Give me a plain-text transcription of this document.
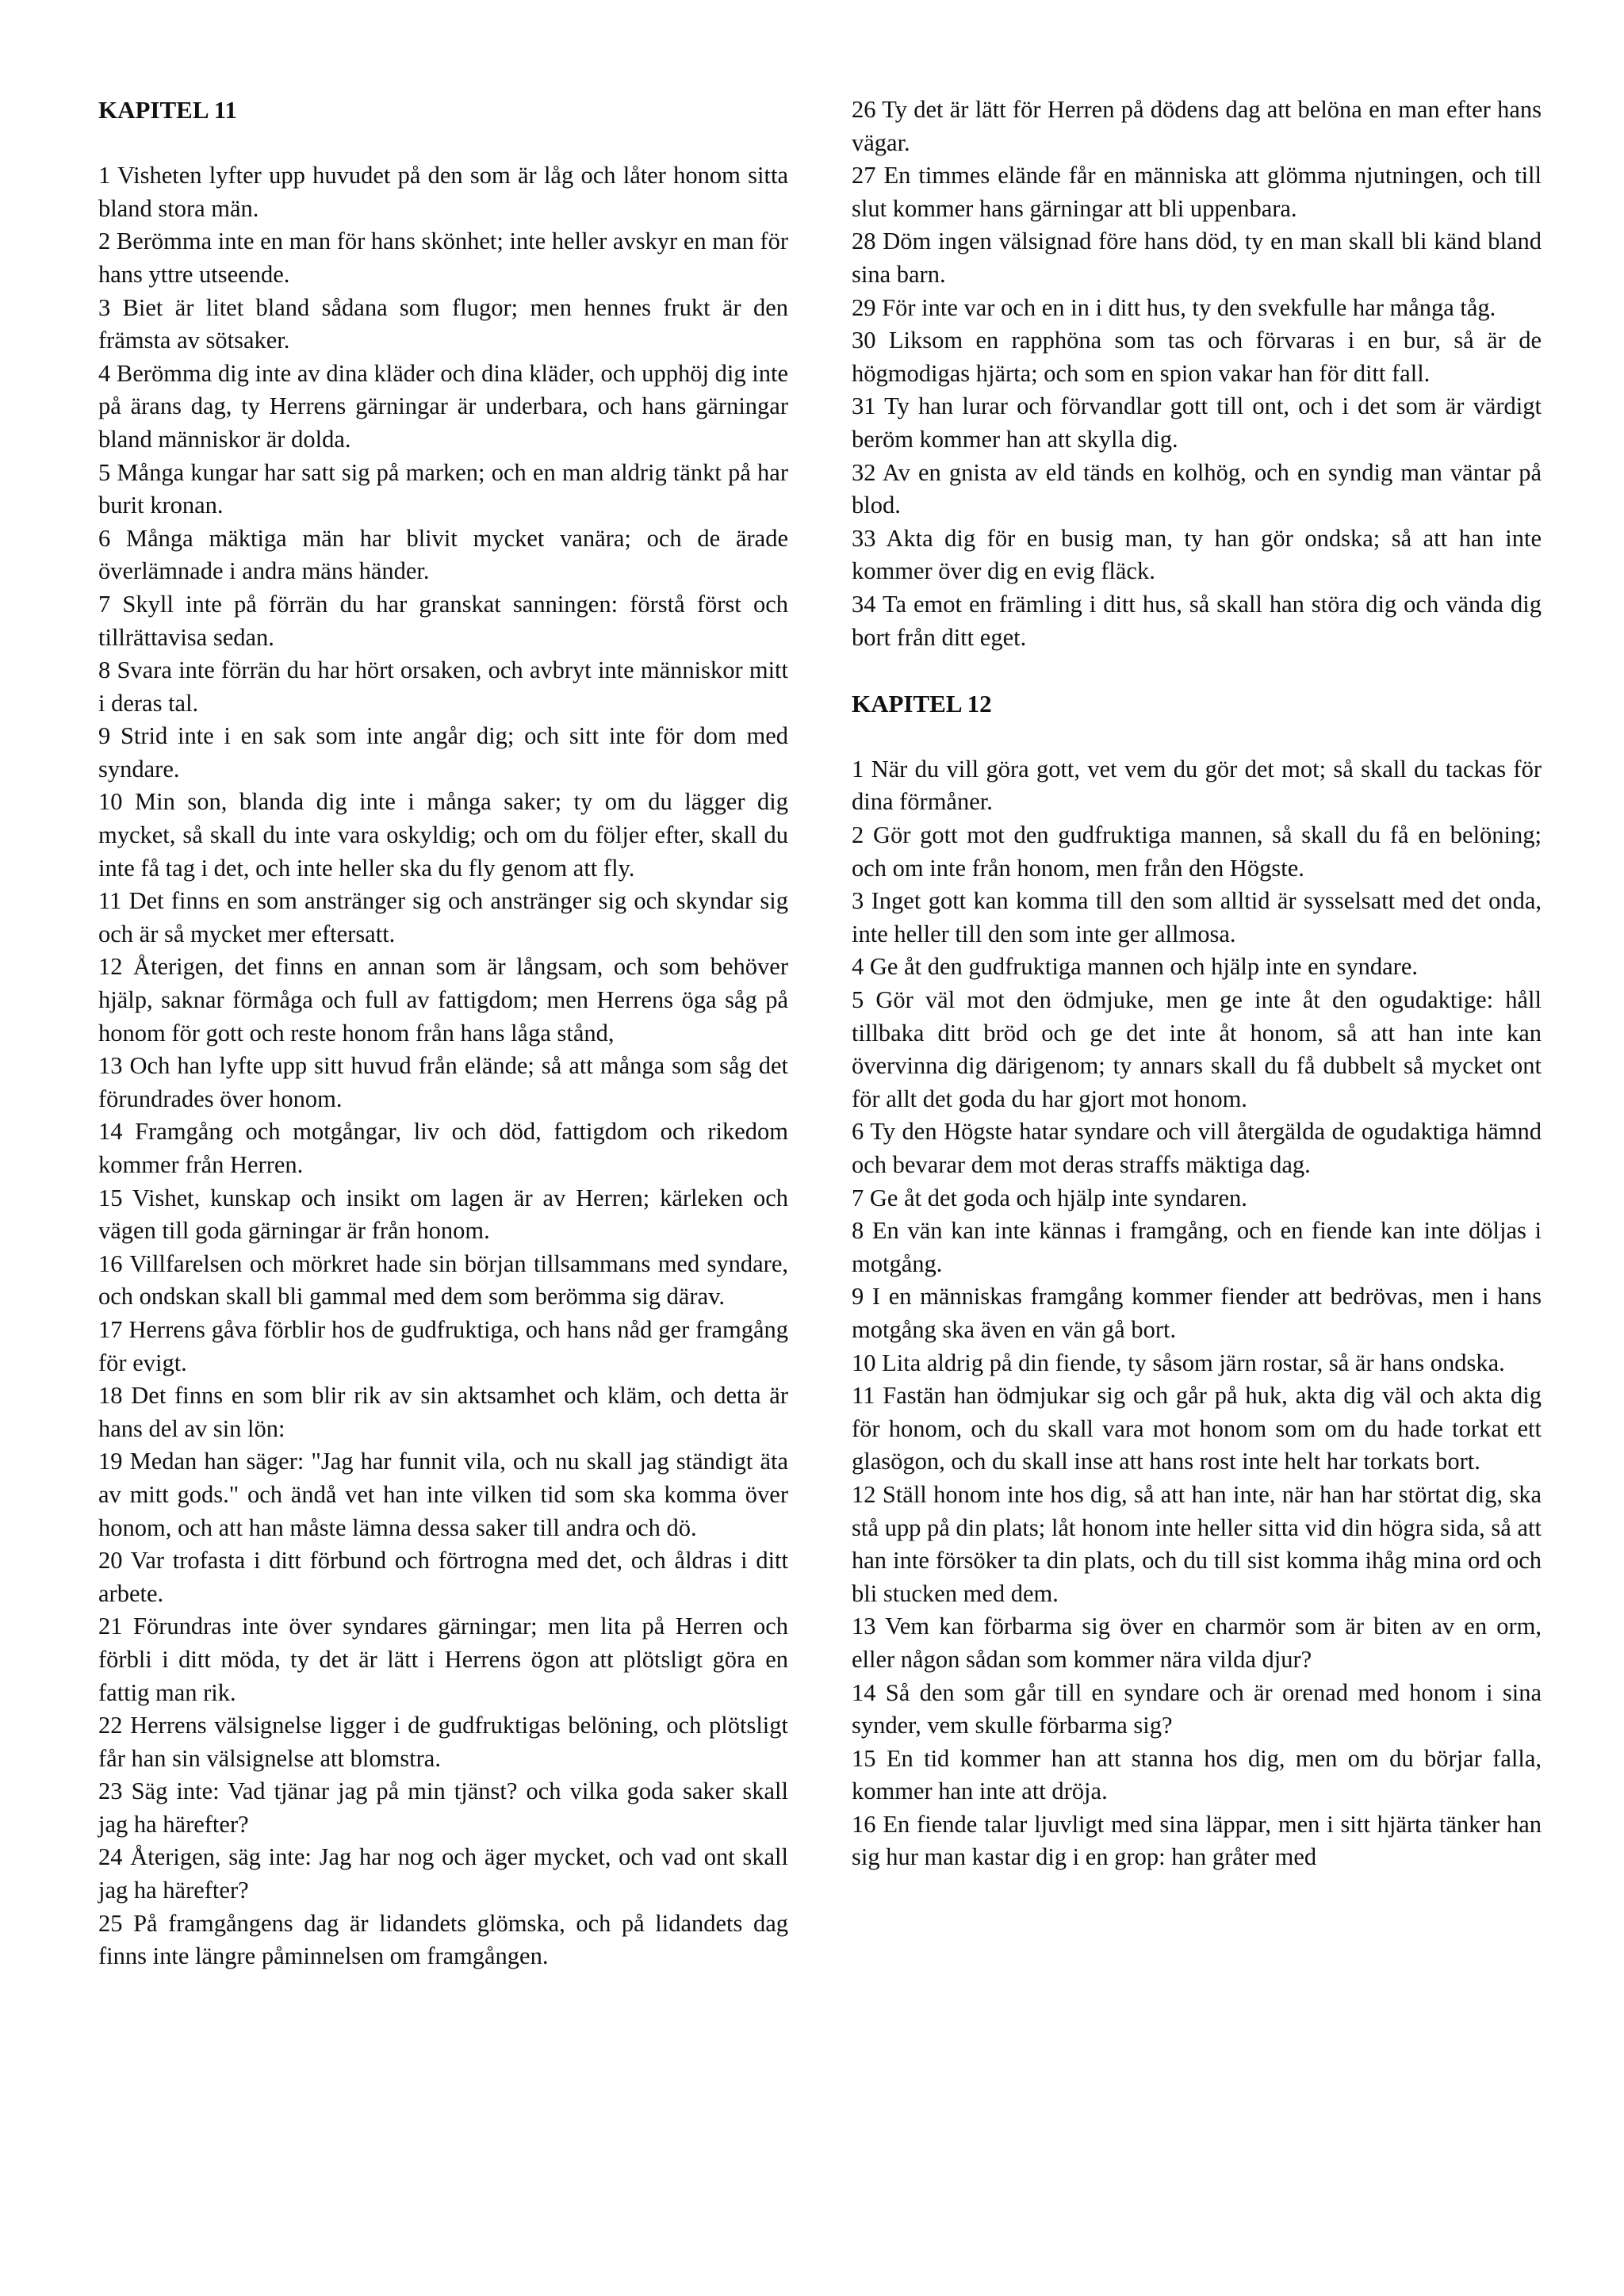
KAPITEL 11

1 Visheten lyfter upp huvudet på den som är låg och låter honom sitta bland stora män.

2 Berömma inte en man för hans skönhet; inte heller avskyr en man för hans yttre utseende.

3 Biet är litet bland sådana som flugor; men hennes frukt är den främsta av sötsaker.

4 Berömma dig inte av dina kläder och dina kläder, och upphöj dig inte på ärans dag, ty Herrens gärningar är underbara, och hans gärningar bland människor är dolda.

5 Många kungar har satt sig på marken; och en man aldrig tänkt på har burit kronan.

6 Många mäktiga män har blivit mycket vanära; och de ärade överlämnade i andra mäns händer.

7 Skyll inte på förrän du har granskat sanningen: förstå först och tillrättavisa sedan.

8 Svara inte förrän du har hört orsaken, och avbryt inte människor mitt i deras tal.

9 Strid inte i en sak som inte angår dig; och sitt inte för dom med syndare.

10 Min son, blanda dig inte i många saker; ty om du lägger dig mycket, så skall du inte vara oskyldig; och om du följer efter, skall du inte få tag i det, och inte heller ska du fly genom att fly.

11 Det finns en som anstränger sig och anstränger sig och skyndar sig och är så mycket mer eftersatt.

12 Återigen, det finns en annan som är långsam, och som behöver hjälp, saknar förmåga och full av fattigdom; men Herrens öga såg på honom för gott och reste honom från hans låga stånd,

13 Och han lyfte upp sitt huvud från elände; så att många som såg det förundrades över honom.

14 Framgång och motgångar, liv och död, fattigdom och rikedom kommer från Herren.

15 Vishet, kunskap och insikt om lagen är av Herren; kärleken och vägen till goda gärningar är från honom.

16 Villfarelsen och mörkret hade sin början tillsammans med syndare, och ondskan skall bli gammal med dem som berömma sig därav.

17 Herrens gåva förblir hos de gudfruktiga, och hans nåd ger framgång för evigt.

18 Det finns en som blir rik av sin aktsamhet och kläm, och detta är hans del av sin lön:

19 Medan han säger: "Jag har funnit vila, och nu skall jag ständigt äta av mitt gods." och ändå vet han inte vilken tid som ska komma över honom, och att han måste lämna dessa saker till andra och dö.

20 Var trofasta i ditt förbund och förtrogna med det, och åldras i ditt arbete.

21 Förundras inte över syndares gärningar; men lita på Herren och förbli i ditt möda, ty det är lätt i Herrens ögon att plötsligt göra en fattig man rik.

22 Herrens välsignelse ligger i de gudfruktigas belöning, och plötsligt får han sin välsignelse att blomstra.

23 Säg inte: Vad tjänar jag på min tjänst? och vilka goda saker skall jag ha härefter?

24 Återigen, säg inte: Jag har nog och äger mycket, och vad ont skall jag ha härefter?

25 På framgångens dag är lidandets glömska, och på lidandets dag finns inte längre påminnelsen om framgången.

26 Ty det är lätt för Herren på dödens dag att belöna en man efter hans vägar.

27 En timmes elände får en människa att glömma njutningen, och till slut kommer hans gärningar att bli uppenbara.

28 Döm ingen välsignad före hans död, ty en man skall bli känd bland sina barn.

29 För inte var och en in i ditt hus, ty den svekfulle har många tåg.

30 Liksom en rapphöna som tas och förvaras i en bur, så är de högmodigas hjärta; och som en spion vakar han för ditt fall.

31 Ty han lurar och förvandlar gott till ont, och i det som är värdigt beröm kommer han att skylla dig.

32 Av en gnista av eld tänds en kolhög, och en syndig man väntar på blod.

33 Akta dig för en busig man, ty han gör ondska; så att han inte kommer över dig en evig fläck.

34 Ta emot en främling i ditt hus, så skall han störa dig och vända dig bort från ditt eget.

KAPITEL 12

1 När du vill göra gott, vet vem du gör det mot; så skall du tackas för dina förmåner.

2 Gör gott mot den gudfruktiga mannen, så skall du få en belöning; och om inte från honom, men från den Högste.

3 Inget gott kan komma till den som alltid är sysselsatt med det onda, inte heller till den som inte ger allmosa.

4 Ge åt den gudfruktiga mannen och hjälp inte en syndare.

5 Gör väl mot den ödmjuke, men ge inte åt den ogudaktige: håll tillbaka ditt bröd och ge det inte åt honom, så att han inte kan övervinna dig därigenom; ty annars skall du få dubbelt så mycket ont för allt det goda du har gjort mot honom.

6 Ty den Högste hatar syndare och vill återgälda de ogudaktiga hämnd och bevarar dem mot deras straffs mäktiga dag.

7 Ge åt det goda och hjälp inte syndaren.

8 En vän kan inte kännas i framgång, och en fiende kan inte döljas i motgång.

9 I en människas framgång kommer fiender att bedrövas, men i hans motgång ska även en vän gå bort.

10 Lita aldrig på din fiende, ty såsom järn rostar, så är hans ondska.

11 Fastän han ödmjukar sig och går på huk, akta dig väl och akta dig för honom, och du skall vara mot honom som om du hade torkat ett glasögon, och du skall inse att hans rost inte helt har torkats bort.

12 Ställ honom inte hos dig, så att han inte, när han har störtat dig, ska stå upp på din plats; låt honom inte heller sitta vid din högra sida, så att han inte försöker ta din plats, och du till sist komma ihåg mina ord och bli stucken med dem.

13 Vem kan förbarma sig över en charmör som är biten av en orm, eller någon sådan som kommer nära vilda djur?

14 Så den som går till en syndare och är orenad med honom i sina synder, vem skulle förbarma sig?

15 En tid kommer han att stanna hos dig, men om du börjar falla, kommer han inte att dröja.

16 En fiende talar ljuvligt med sina läppar, men i sitt hjärta tänker han sig hur man kastar dig i en grop: han gråter med
